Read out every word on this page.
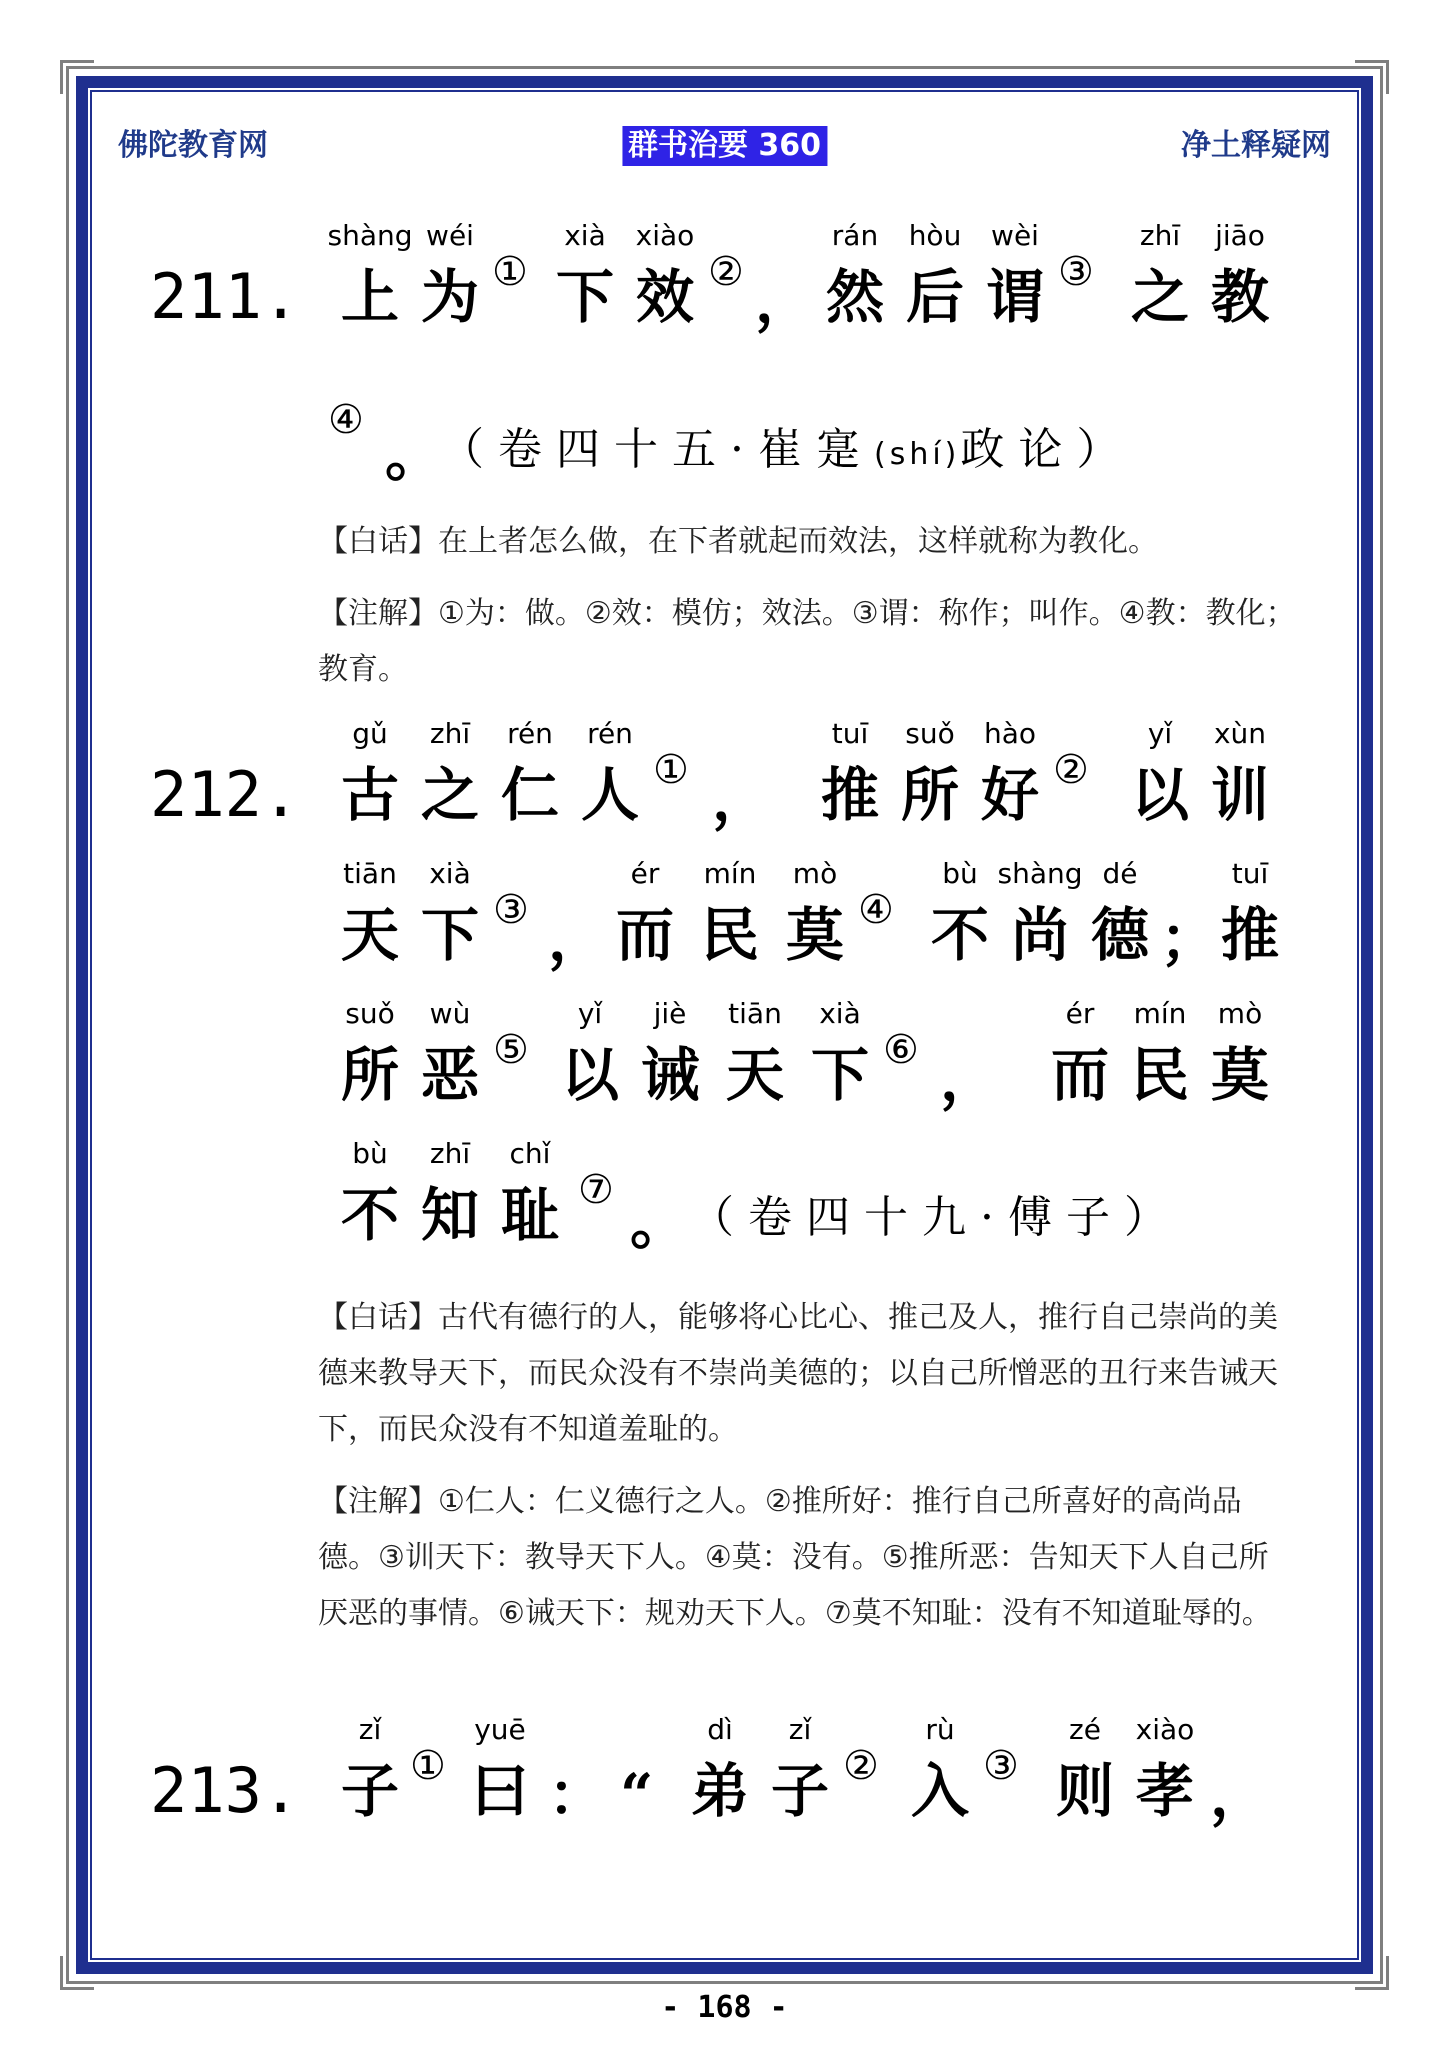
佛陀教育网	群书治要 360	净土释疑网
211.
shàng
上
wéi
为 ①
xià
下
xiào
效 ② ，
rán
然
hòu
后
wèi
谓 ③
zhī
之
jiāo
教
④
。
（卷四十五·崔寔(shí)政论）
【白话】在上者怎么做，在下者就起而效法，这样就称为教化。
【注解】①为：做。②效：模仿；效法。③谓：称作；叫作。④教：教化；教育。
212.
gǔ
古
zhī
之
rén
仁
rén
人 ① ，
tuī
推
suǒ
所
hào
好 ②
yǐ
以
xùn
训
tiān
天
xià
下 ③ ，
ér
而
mín
民
mò
莫 ④
bù
不
shàng
尚
dé
德 ；
tuī
推
suǒ
所
wù
恶 ⑤
yǐ
以
jiè
诫
tiān
天
xià
下 ⑥ ，
ér
而
mín
民
mò
莫
bù
不
zhī
知
chǐ
耻 ⑦ 。 （卷四十九·傅子）
【白话】古代有德行的人，能够将心比心、推己及人，推行自己崇尚的美德来教导天下，而民众没有不崇尚美德的；以自己所憎恶的丑行来告诫天下，而民众没有不知道羞耻的。
【注解】①仁人：仁义德行之人。②推所好：推行自己所喜好的高尚品德。③训天下：教导天下人。④莫：没有。⑤推所恶：告知天下人自己所厌恶的事情。⑥诫天下：规劝天下人。⑦莫不知耻：没有不知道耻辱的。
213.
zǐ
子 ①
yuē
曰 ： “
dì
弟
zǐ
子 ②
rù
入 ③
zé
则
xiào
孝 ，
- 168 -
